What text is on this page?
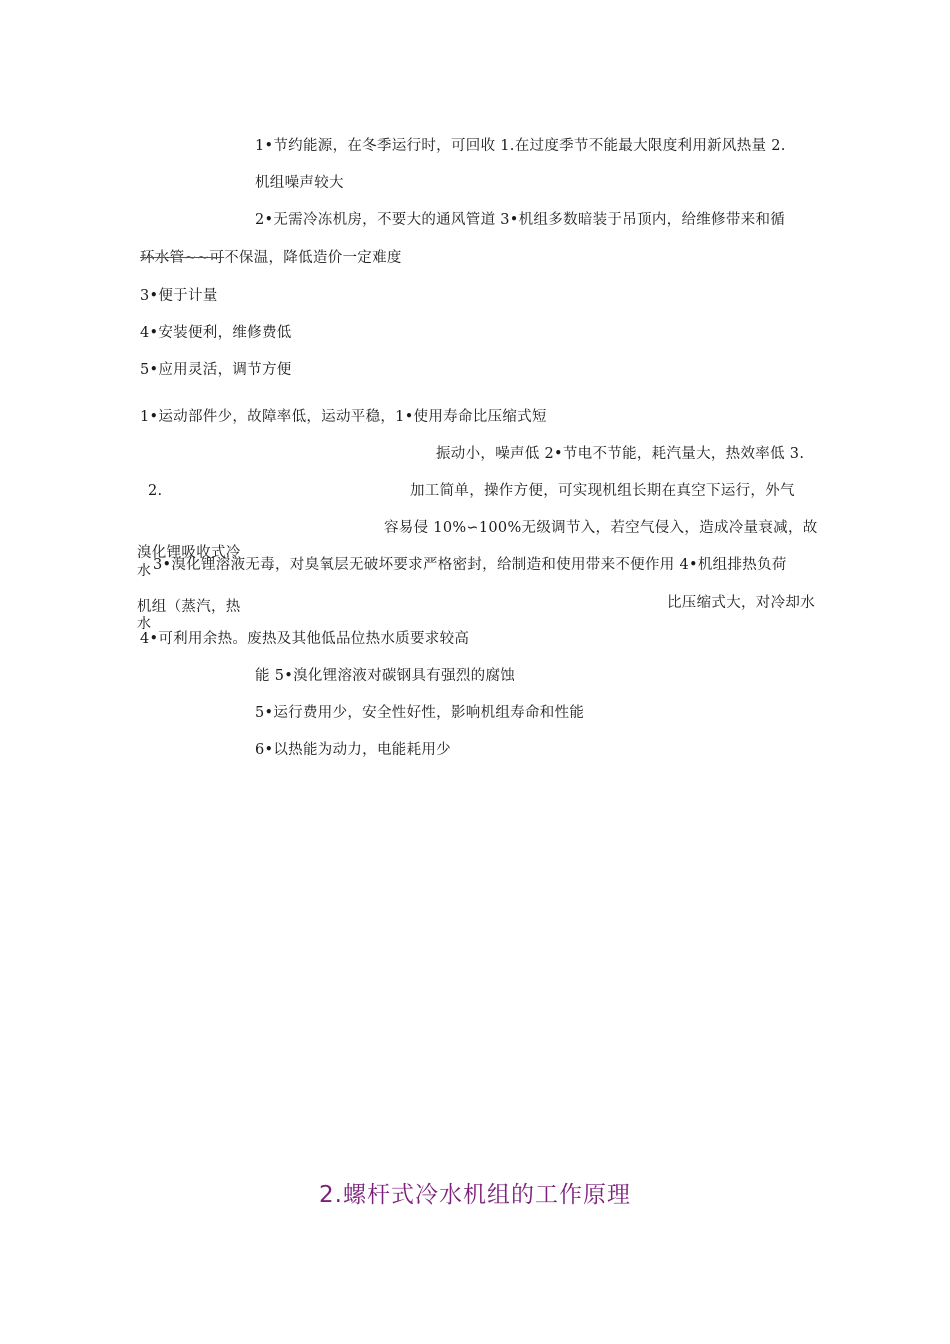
1•节约能源，在冬季运行时，可回收 1.在过度季节不能最大限度利用新风热量 2.
机组噪声较大
2•无需冷冻机房，不要大的通风管道 3•机组多数暗装于吊顶内，给维修带来和循
环水管~~可不保温，降低造价一定难度
3•便于计量
4•安装便利，维修费低
5•应用灵活，调节方便
1•运动部件少，故障率低，运动平稳，1•使用寿命比压缩式短
振动小，噪声低 2•节电不节能，耗汽量大，热效率低 3.
2.	加工简单，操作方便，可实现机组长期在真空下运行，外气
容易侵 10%∽100%无级调节入，若空气侵入，造成冷量衰减，故
溴化锂吸收式冷
水 3•溴化锂溶液无毒，对臭氧层无破坏要求严格密封，给制造和使用带来不便作用 4•机组排热负荷
机组（蒸汽，热	比压缩式大，对冷却水
水
4•可利用余热。废热及其他低品位热水质要求较高
能 5•溴化锂溶液对碳钢具有强烈的腐蚀
5•运行费用少，安全性好性，影响机组寿命和性能
6•以热能为动力，电能耗用少
2.螺杆式冷水机组的工作原理
